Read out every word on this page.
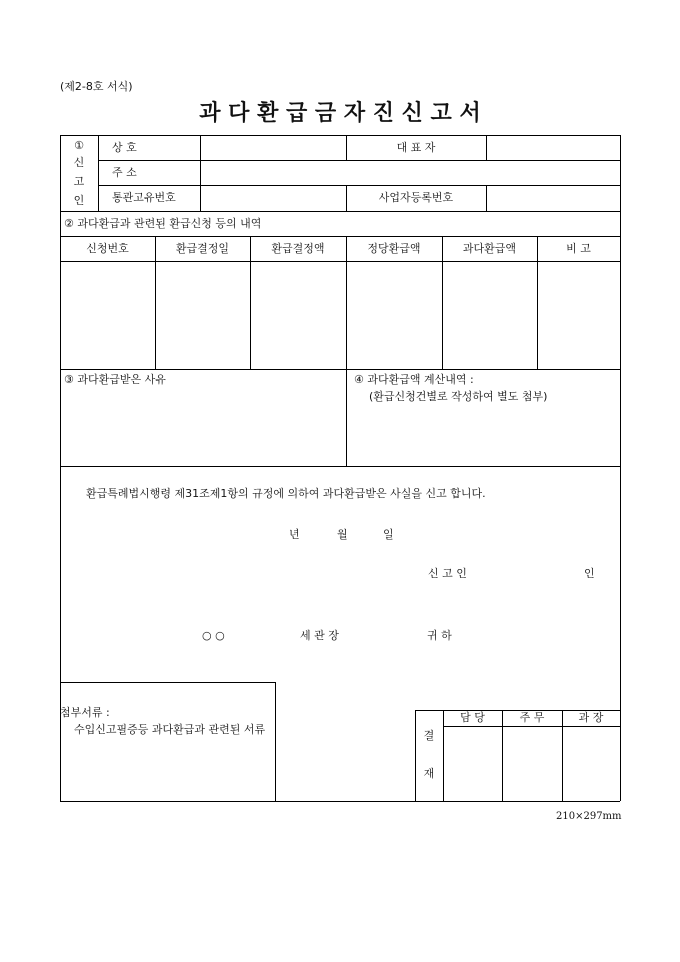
(제2-8호 서식)
과 다 환 급 금 자 진 신 고 서
①
신
고
인
상 호	대 표 자
주 소
통관고유번호	사업자등록번호
② 과다환급과 관련된 환급신청 등의 내역
신청번호	환급결정일	환급결정액	정당환급액	과다환급액	비 고
③ 과다환급받은 사유	④ 과다환급액 계산내역 :
(환급신청건별로 작성하여 별도 첨부)
환급특례법시행령 제31조제1항의 규정에 의하여 과다환급받은 사실을 신고 합니다.
년	월	일
신 고 인	인
○ ○	세 관 장	귀 하
첨부서류 :
수입신고필증등 과다환급과 관련된 서류	결
재
담 당	주 무	과 장
210×297mm
